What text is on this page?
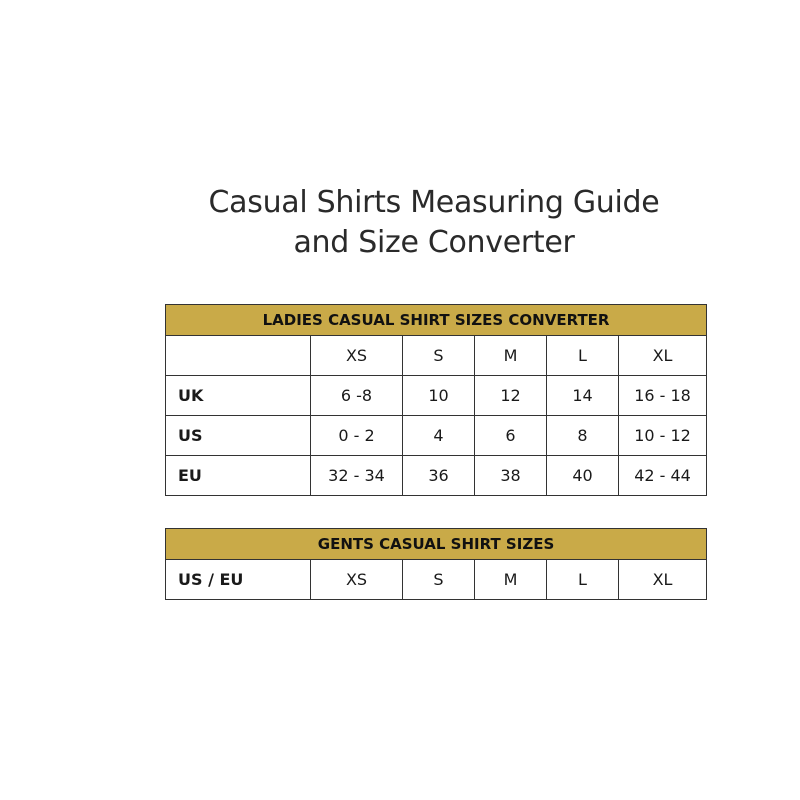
Casual Shirts Measuring Guide
and Size Converter
LADIES CASUAL SHIRT SIZES CONVERTER					
	XS	S	M	L	XL
UK	6 -8	10	12	14	16 - 18
US	0 - 2	4	6	8	10 - 12
EU	32 - 34	36	38	40	42 - 44
GENTS CASUAL SHIRT SIZES
US / EU	XS	S	M	L	XL
